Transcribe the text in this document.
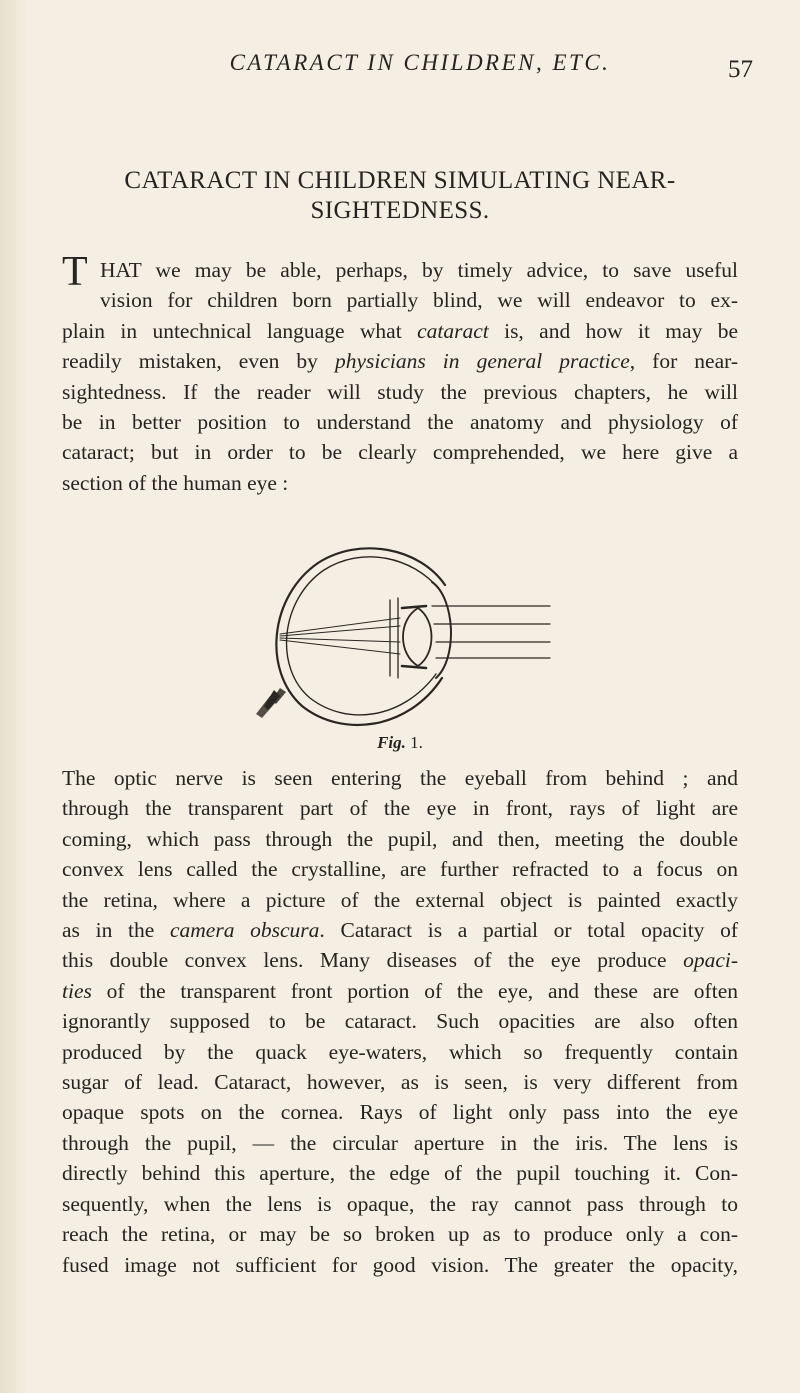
CATARACT IN CHILDREN, ETC.	57
CATARACT IN CHILDREN SIMULATING NEAR-
SIGHTEDNESS.
T HAT we may be able, perhaps, by timely advice, to save useful
vision for children born partially blind, we will endeavor to ex-
plain in untechnical language what cataract is, and how it may be
readily mistaken, even by physicians in general practice, for near-
sightedness. If the reader will study the previous chapters, he will
be in better position to understand the anatomy and physiology of
cataract; but in order to be clearly comprehended, we here give a
section of the human eye :
Fig. 1.
The optic nerve is seen entering the eyeball from behind ; and
through the transparent part of the eye in front, rays of light are
coming, which pass through the pupil, and then, meeting the double
convex lens called the crystalline, are further refracted to a focus on
the retina, where a picture of the external object is painted exactly
as in the camera obscura. Cataract is a partial or total opacity of
this double convex lens. Many diseases of the eye produce opaci-
ties of the transparent front portion of the eye, and these are often
ignorantly supposed to be cataract. Such opacities are also often
produced by the quack eye-waters, which so frequently contain
sugar of lead. Cataract, however, as is seen, is very different from
opaque spots on the cornea. Rays of light only pass into the eye
through the pupil, — the circular aperture in the iris. The lens is
directly behind this aperture, the edge of the pupil touching it. Con-
sequently, when the lens is opaque, the ray cannot pass through to
reach the retina, or may be so broken up as to produce only a con-
fused image not sufficient for good vision. The greater the opacity,
